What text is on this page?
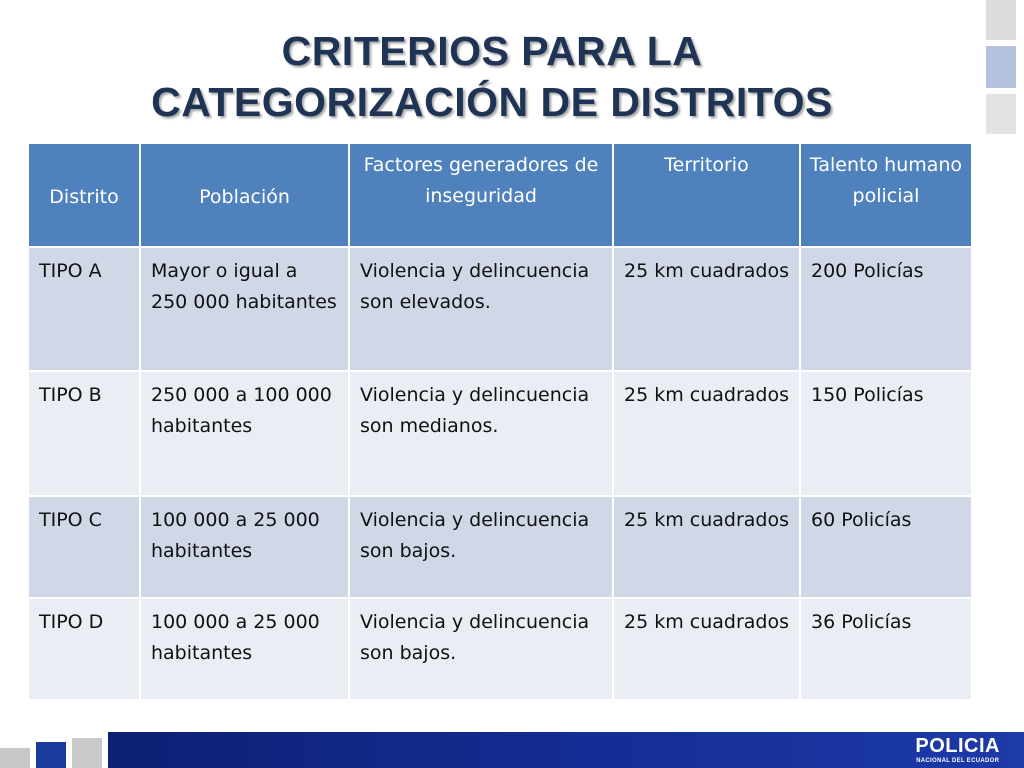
CRITERIOS PARA LA
CATEGORIZACIÓN DE DISTRITOS
Distrito	Población	Factores generadores de inseguridad	Territorio	Talento humano policial
TIPO A	Mayor o igual a 250 000 habitantes	Violencia y delincuencia son elevados.	25 km cuadrados	200 Policías
TIPO B	250 000 a 100 000 habitantes	Violencia y delincuencia son medianos.	25 km cuadrados	150 Policías
TIPO C	100 000 a 25 000 habitantes	Violencia y delincuencia son bajos.	25 km cuadrados	60 Policías
TIPO D	100 000 a 25 000 habitantes	Violencia y delincuencia son bajos.	25 km cuadrados	36 Policías
POLICIA
NACIONAL DEL ECUADOR
